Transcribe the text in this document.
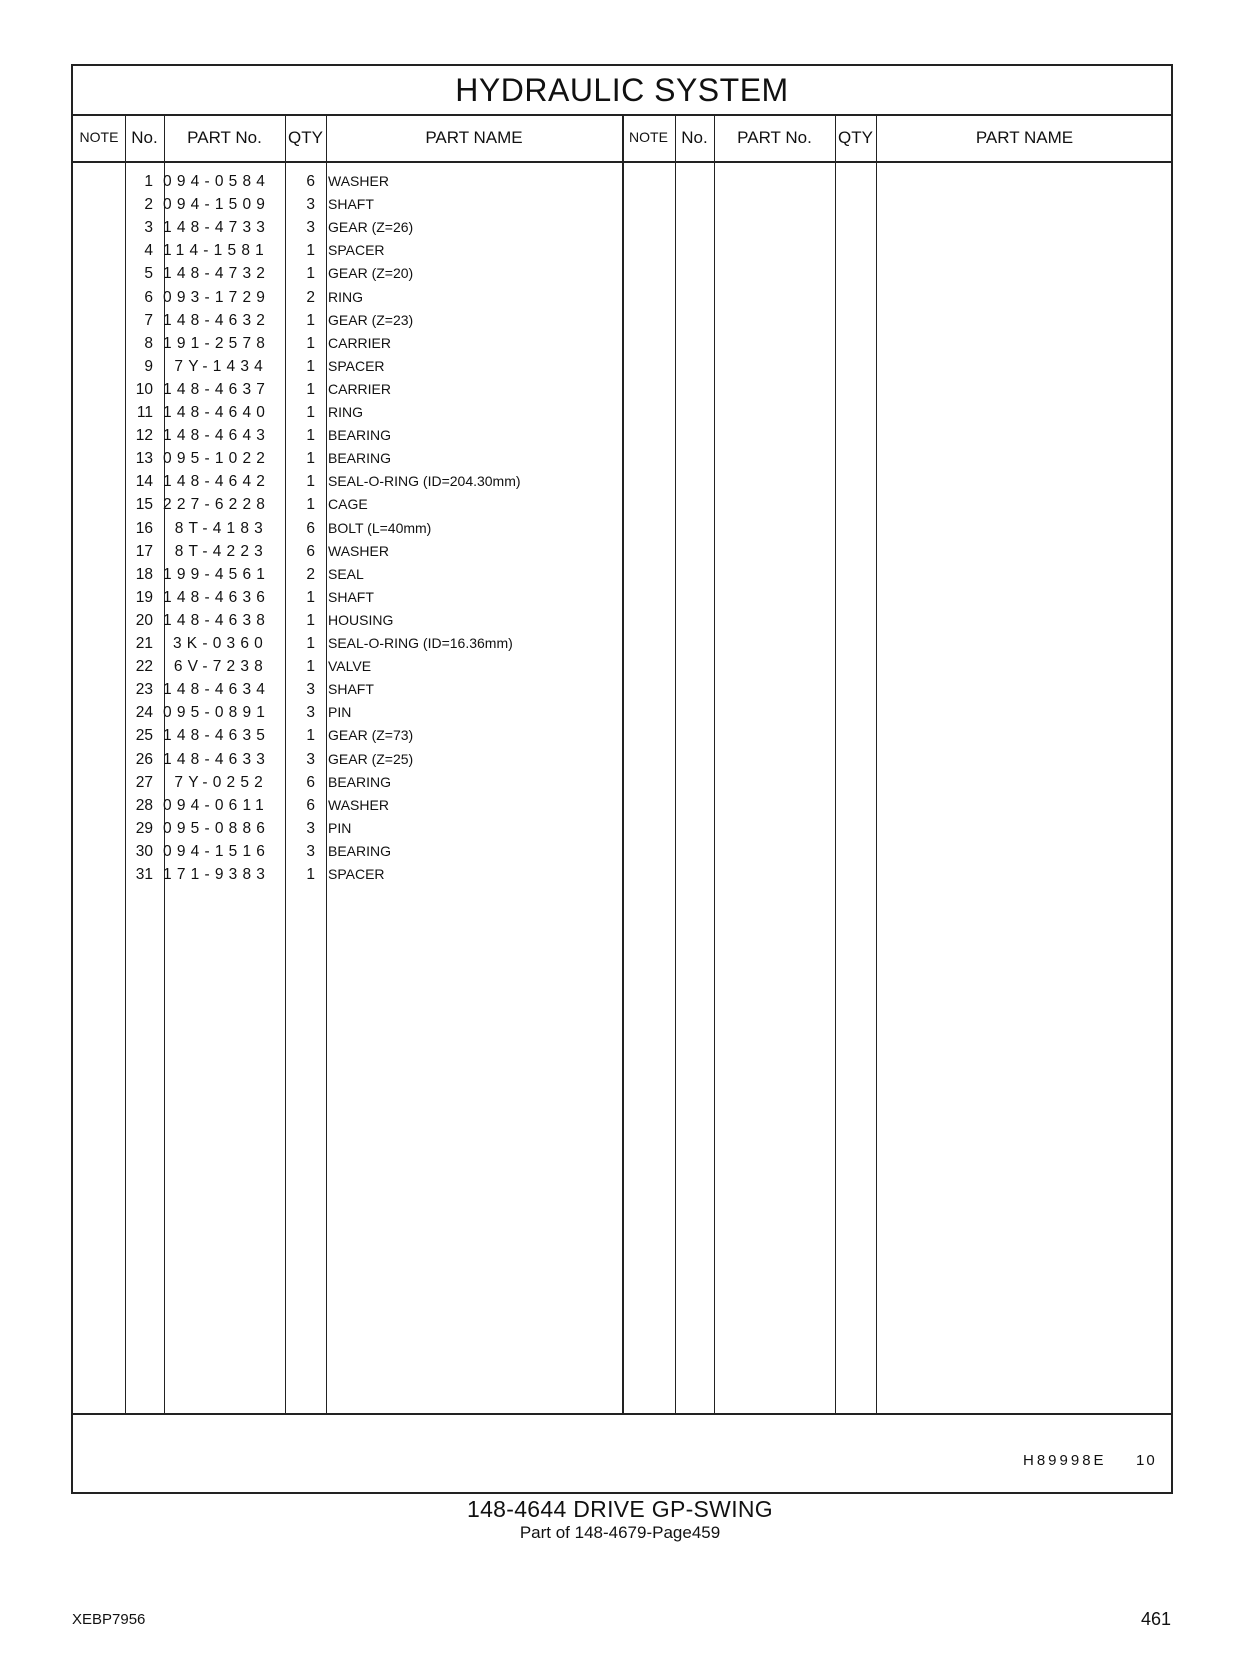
HYDRAULIC SYSTEM
NOTE No.	PART No.	QTY	PART NAME	NOTE No.	PART No.	QTY	PART NAME
1 094-0584	6 WASHER
2 094-1509	3 SHAFT
3 148-4733	3 GEAR (Z=26)
4 114-1581	1 SPACER
5 148-4732	1 GEAR (Z=20)
6 093-1729	2 RING
7 148-4632	1 GEAR (Z=23)
8 191-2578	1 CARRIER
9	7Y-1434	1 SPACER
10 148-4637	1 CARRIER
11 148-4640	1 RING
12 148-4643	1 BEARING
13 095-1022	1 BEARING
14 148-4642	1 SEAL-O-RING (ID=204.30mm)
15 227-6228	1 CAGE
16	8T-4183	6 BOLT (L=40mm)
17	8T-4223	6 WASHER
18 199-4561	2 SEAL
19 148-4636	1 SHAFT
20 148-4638	1 HOUSING
21	3K-0360	1 SEAL-O-RING (ID=16.36mm)
22	6V-7238	1 VALVE
23 148-4634	3 SHAFT
24 095-0891	3 PIN
25 148-4635	1 GEAR (Z=73)
26 148-4633	3 GEAR (Z=25)
27	7Y-0252	6 BEARING
28 094-0611	6 WASHER
29 095-0886	3 PIN
30 094-1516	3 BEARING
31 171-9383	1 SPACER
H89998E 10
148-4644 DRIVE GP-SWING
Part of 148-4679-Page459
XEBP7956	461
